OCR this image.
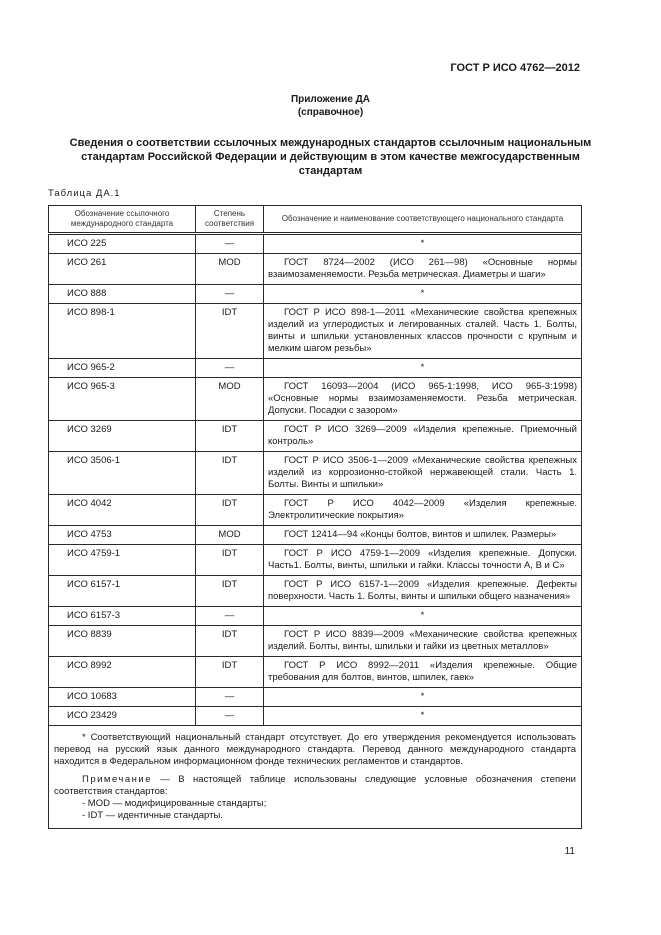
ГОСТ Р ИСО 4762—2012
Приложение ДА
(справочное)
Сведения о соответствии ссылочных международных стандартов ссылочным национальным стандартам Российской Федерации и действующим в этом качестве межгосударственным стандартам
Таблица ДА.1
Обозначение ссылочного международного стандарта	Степень соответствия	Обозначение и наименование соответствующего национального стандарта
ИСО 225	—	*
ИСО 261	MOD	ГОСТ 8724—2002 (ИСО 261—98) «Основные нормы взаимозаменяемости. Резьба метрическая. Диаметры и шаги»
ИСО 888	—	*
ИСО 898-1	IDT	ГОСТ Р ИСО 898-1—2011 «Механические свойства крепежных изделий из углеродистых и легированных сталей. Часть 1. Болты, винты и шпильки установленных классов прочности с крупным и мелким шагом резьбы»
ИСО 965-2	—	*
ИСО 965-3	MOD	ГОСТ 16093—2004 (ИСО 965-1:1998, ИСО 965-3:1998) «Основные нормы взаимозаменяемости. Резьба метрическая. Допуски. Посадки с зазором»
ИСО 3269	IDT	ГОСТ Р ИСО 3269—2009 «Изделия крепежные. Приемочный контроль»
ИСО 3506-1	IDT	ГОСТ Р ИСО 3506-1—2009 «Механические свойства крепежных изделий из коррозионно-стойкой нержавеющей стали. Часть 1. Болты. Винты и шпильки»
ИСО 4042	IDT	ГОСТ Р ИСО 4042—2009 «Изделия крепежные. Электролитические покрытия»
ИСО 4753	MOD	ГОСТ 12414—94 «Концы болтов, винтов и шпилек. Размеры»
ИСО 4759-1	IDT	ГОСТ Р ИСО 4759-1—2009 «Изделия крепежные. Допуски. Часть1. Болты, винты, шпильки и гайки. Классы точности А, В и С»
ИСО 6157-1	IDT	ГОСТ Р ИСО 6157-1—2009 «Изделия крепежные. Дефекты поверхности. Часть 1. Болты, винты и шпильки общего назначения»
ИСО 6157-3	—	*
ИСО 8839	IDT	ГОСТ Р ИСО 8839—2009 «Механические свойства крепежных изделий. Болты, винты, шпильки и гайки из цветных металлов»
ИСО 8992	IDT	ГОСТ Р ИСО 8992—2011 «Изделия крепежные. Общие требования для болтов, винтов, шпилек, гаек»
ИСО 10683	—	*
ИСО 23429	—	*

* Соответствующий национальный стандарт отсутствует. До его утверждения рекомендуется использовать перевод на русский язык данного международного стандарта. Перевод данного международного стандарта находится в Федеральном информационном фонде технических регламентов и стандартов.

Примечание — В настоящей таблице использованы следующие условные обозначения степени соответствия стандартов:

- MOD — модифицированные стандарты;

- IDT — идентичные стандарты.		

11
